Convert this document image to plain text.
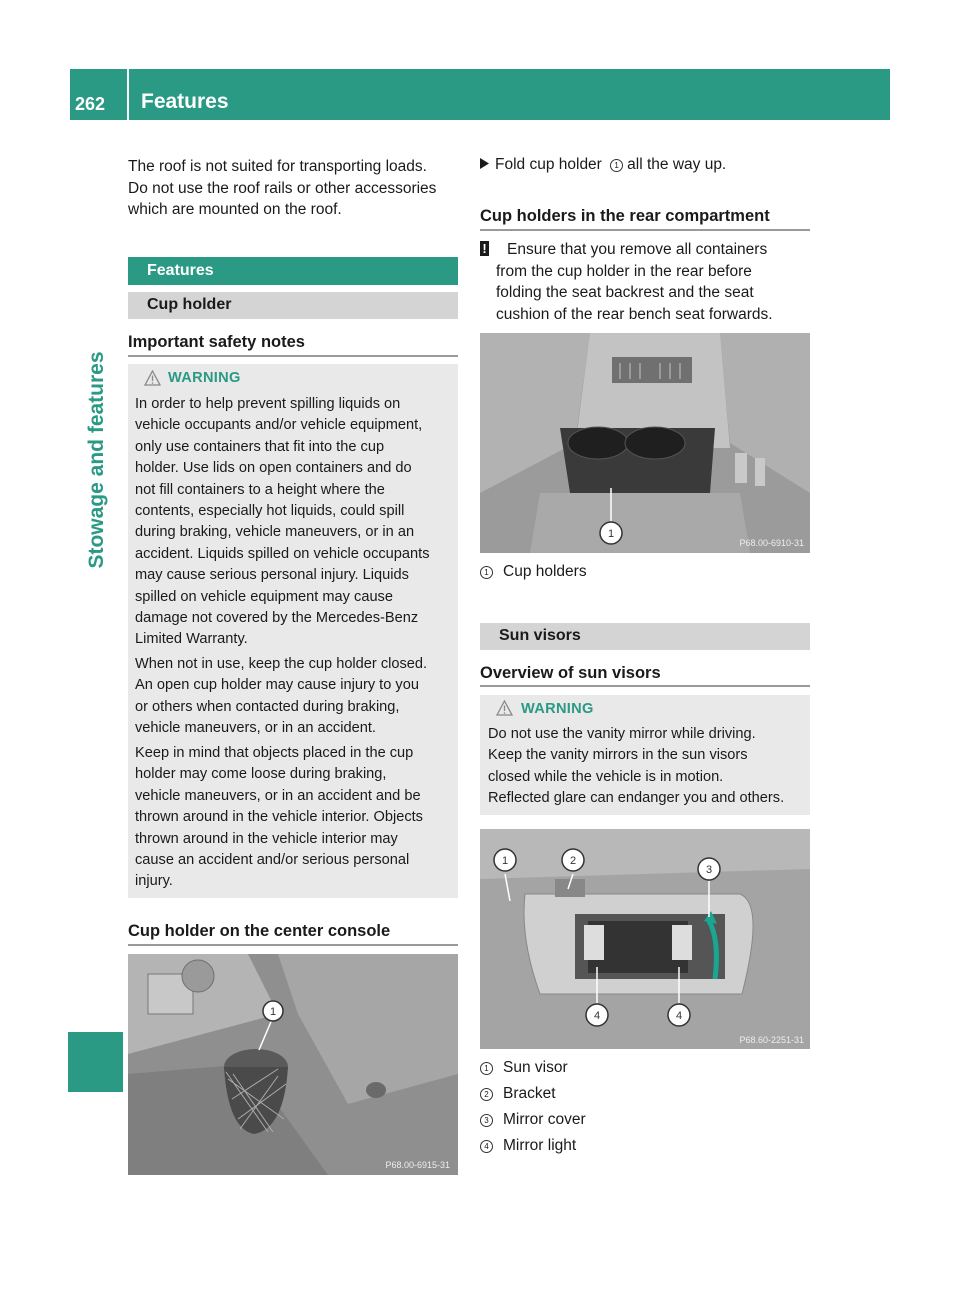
262 Features
Stowage and features
The roof is not suited for transporting loads.
Do not use the roof rails or other accessories
which are mounted on the roof.
Features
Cup holder
Important safety notes
WARNING
In order to help prevent spilling liquids on
vehicle occupants and/or vehicle equipment,
only use containers that fit into the cup
holder. Use lids on open containers and do
not fill containers to a height where the
contents, especially hot liquids, could spill
during braking, vehicle maneuvers, or in an
accident. Liquids spilled on vehicle occupants
may cause serious personal injury. Liquids
spilled on vehicle equipment may cause
damage not covered by the Mercedes-Benz
Limited Warranty.
When not in use, keep the cup holder closed.
An open cup holder may cause injury to you
or others when contacted during braking,
vehicle maneuvers, or in an accident.
Keep in mind that objects placed in the cup
holder may come loose during braking,
vehicle maneuvers, or in an accident and be
thrown around in the vehicle interior. Objects
thrown around in the vehicle interior may
cause an accident and/or serious personal
injury.
Cup holder on the center console
1
P68.00-6915-31
Fold cup holder 1 all the way up.
Cup holders in the rear compartment
!	Ensure that you remove all containers
from the cup holder in the rear before
folding the seat backrest and the seat
cushion of the rear bench seat forwards.
1
P68.00-6910-31
1 Cup holders
Sun visors
Overview of sun visors
WARNING
Do not use the vanity mirror while driving.
Keep the vanity mirrors in the sun visors
closed while the vehicle is in motion.
Reflected glare can endanger you and others.
1	2
3
4	4
P68.60-2251-31
1 Sun visor
2 Bracket
3 Mirror cover
4 Mirror light
